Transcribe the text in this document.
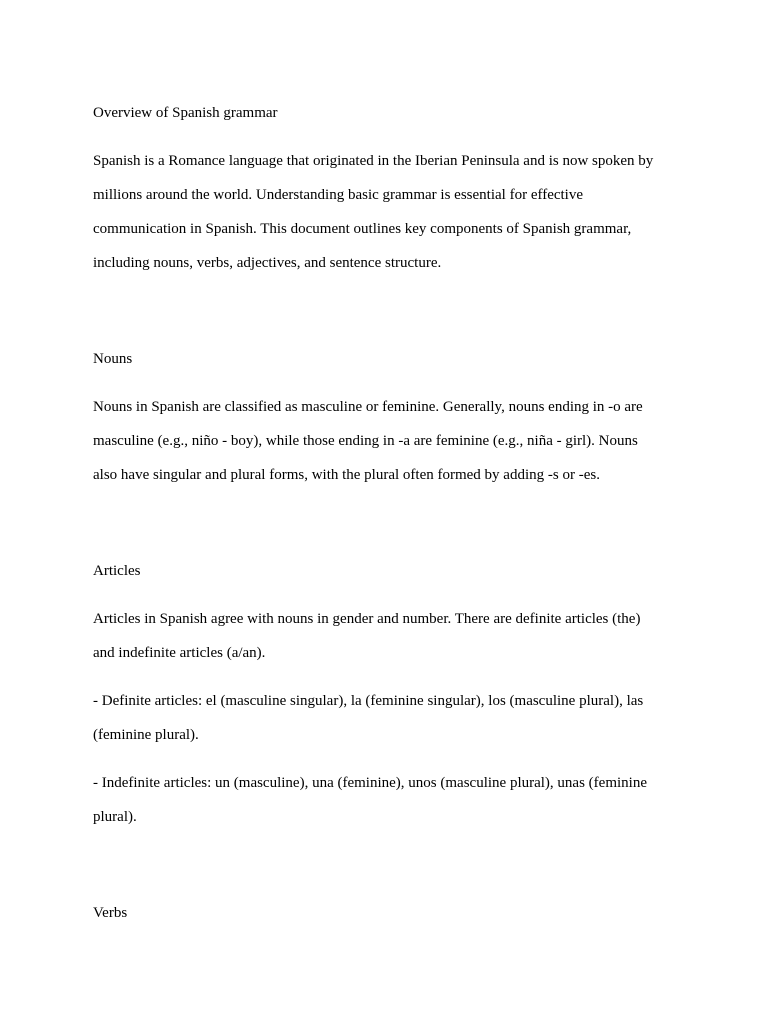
Overview of Spanish grammar
Spanish is a Romance language that originated in the Iberian Peninsula and is now spoken by
millions around the world. Understanding basic grammar is essential for effective
communication in Spanish. This document outlines key components of Spanish grammar,
including nouns, verbs, adjectives, and sentence structure.
Nouns
Nouns in Spanish are classified as masculine or feminine. Generally, nouns ending in -o are
masculine (e.g., niño - boy), while those ending in -a are feminine (e.g., niña - girl). Nouns
also have singular and plural forms, with the plural often formed by adding -s or -es.
Articles
Articles in Spanish agree with nouns in gender and number. There are definite articles (the)
and indefinite articles (a/an).
- Definite articles: el (masculine singular), la (feminine singular), los (masculine plural), las
(feminine plural).
- Indefinite articles: un (masculine), una (feminine), unos (masculine plural), unas (feminine
plural).
Verbs
